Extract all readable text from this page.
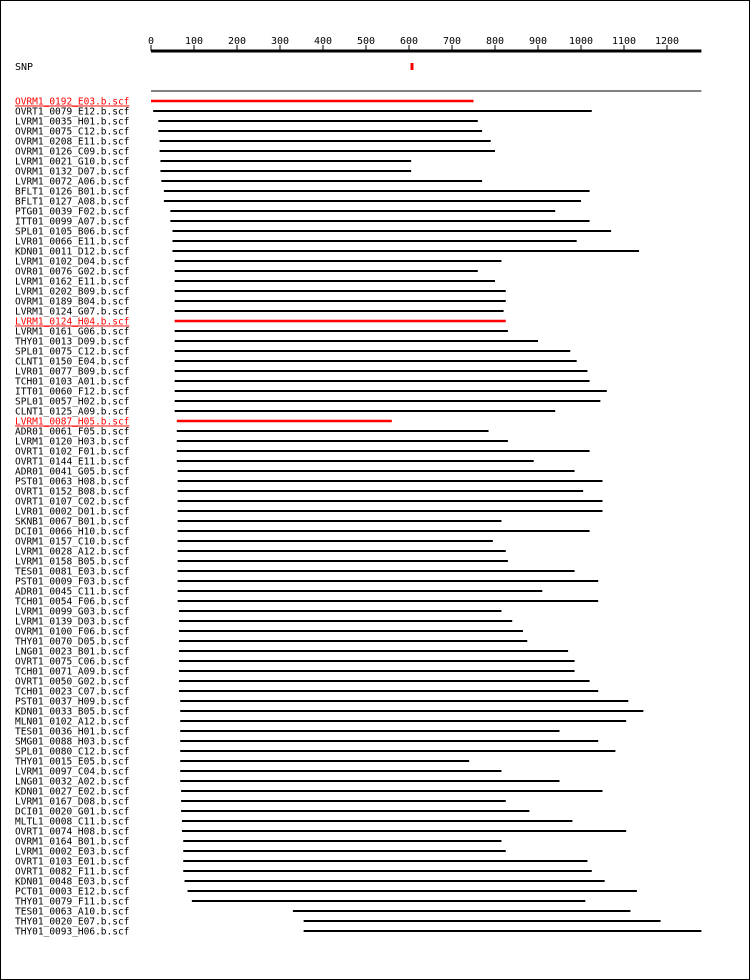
0	100 200 300 400 500 600 700 800 900 1000 1100 1200
SNP
OVRM1_0192_E03.b.scf
OVRT1_0079_E12.b.scf
LVRM1_0035_H01.b.scf
OVRM1_0075_C12.b.scf
OVRM1_0208_E11.b.scf
OVRM1_0126_C09.b.scf
LVRM1_0021_G10.b.scf
OVRM1_0132_D07.b.scf
LVRM1_0072_A06.b.scf
BFLT1_0126_B01.b.scf
BFLT1_0127_A08.b.scf
PTG01_0039_F02.b.scf
ITT01_0099_A07.b.scf
SPL01_0105_B06.b.scf
LVR01_0066_E11.b.scf
KDN01_0011_D12.b.scf
LVRM1_0102_D04.b.scf
OVR01_0076_G02.b.scf
LVRM1_0162_E11.b.scf
LVRM1_0202_B09.b.scf
OVRM1_0189_B04.b.scf
LVRM1_0124_G07.b.scf
LVRM1_0124_H04.b.scf
LVRM1_0161_G06.b.scf
THY01_0013_D09.b.scf
SPL01_0075_C12.b.scf
CLNT1_0150_E04.b.scf
LVR01_0077_B09.b.scf
TCH01_0103_A01.b.scf
ITT01_0060_F12.b.scf
SPL01_0057_H02.b.scf
CLNT1_0125_A09.b.scf
LVRM1_0087_H05.b.scf
ADR01_0061_F05.b.scf
LVRM1_0120_H03.b.scf
OVRT1_0102_F01.b.scf
OVRT1_0144_E11.b.scf
ADR01_0041_G05.b.scf
PST01_0063_H08.b.scf
OVRT1_0152_B08.b.scf
OVRT1_0107_C02.b.scf
LVR01_0002_D01.b.scf
SKNB1_0067_B01.b.scf
DCI01_0066_H10.b.scf
OVRM1_0157_C10.b.scf
LVRM1_0028_A12.b.scf
LVRM1_0158_B05.b.scf
TES01_0081_E03.b.scf
PST01_0009_F03.b.scf
ADR01_0045_C11.b.scf
TCH01_0054_F06.b.scf
LVRM1_0099_G03.b.scf
LVRM1_0139_D03.b.scf
OVRM1_0100_F06.b.scf
THY01_0070_D05.b.scf
LNG01_0023_B01.b.scf
OVRT1_0075_C06.b.scf
TCH01_0071_A09.b.scf
OVRT1_0050_G02.b.scf
TCH01_0023_C07.b.scf
PST01_0037_H09.b.scf
KDN01_0033_B05.b.scf
MLN01_0102_A12.b.scf
TES01_0036_H01.b.scf
SMG01_0088_H03.b.scf
SPL01_0080_C12.b.scf
THY01_0015_E05.b.scf
LVRM1_0097_C04.b.scf
LNG01_0032_A02.b.scf
KDN01_0027_E02.b.scf
LVRM1_0167_D08.b.scf
DCI01_0020_G01.b.scf
MLTL1_0008_C11.b.scf
OVRT1_0074_H08.b.scf
OVRM1_0164_B01.b.scf
LVRM1_0002_E03.b.scf
OVRT1_0103_E01.b.scf
OVRT1_0082_F11.b.scf
KDN01_0048_E03.b.scf
PCT01_0003_E12.b.scf
THY01_0079_F11.b.scf
TES01_0063_A10.b.scf
THY01_0020_E07.b.scf
THY01_0093_H06.b.scf
